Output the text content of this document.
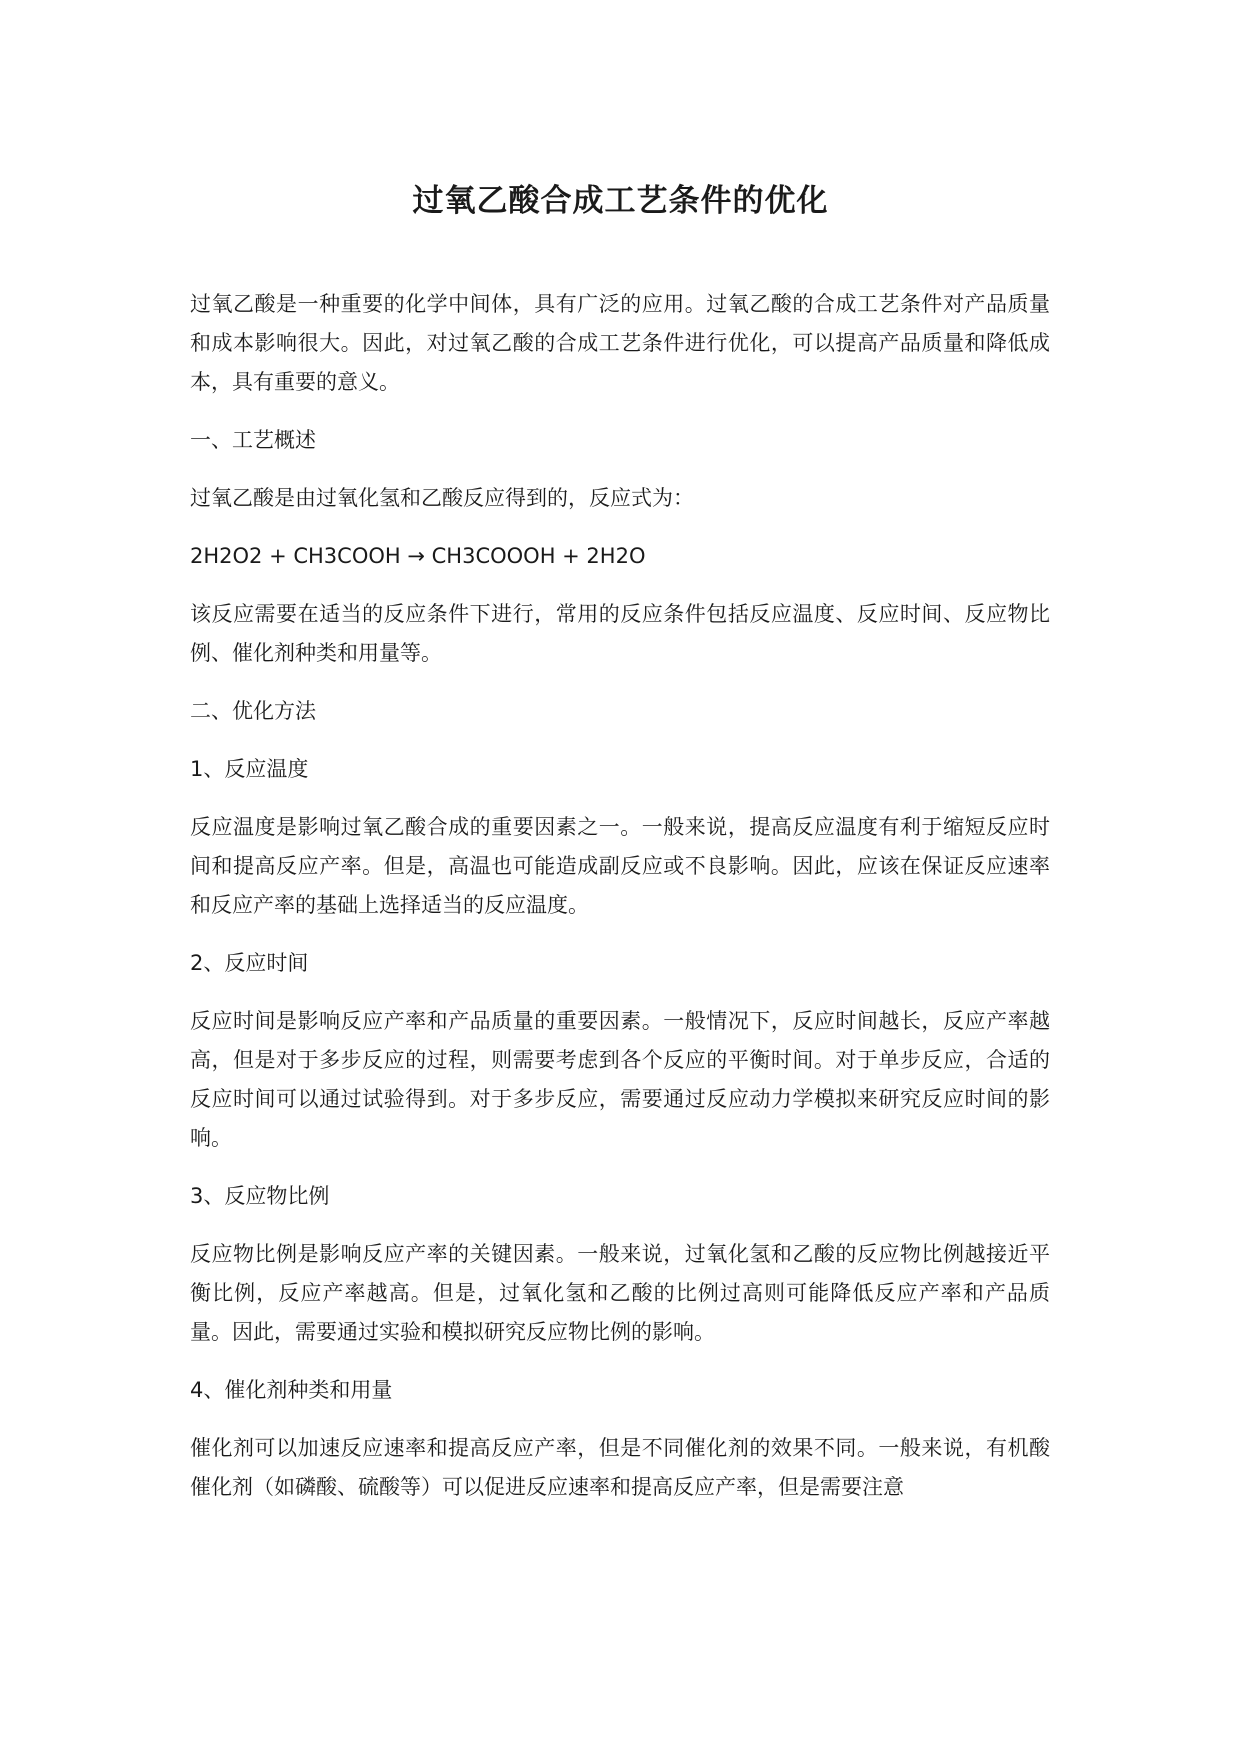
过氧乙酸合成工艺条件的优化

过氧乙酸是一种重要的化学中间体，具有广泛的应用。过氧乙酸的合成工艺条件对产品质量和成本影响很大。因此，对过氧乙酸的合成工艺条件进行优化，可以提高产品质量和降低成本，具有重要的意义。

一、工艺概述

过氧乙酸是由过氧化氢和乙酸反应得到的，反应式为：

2H2O2 + CH3COOH → CH3COOOH + 2H2O

该反应需要在适当的反应条件下进行，常用的反应条件包括反应温度、反应时间、反应物比例、催化剂种类和用量等。

二、优化方法

1、反应温度

反应温度是影响过氧乙酸合成的重要因素之一。一般来说，提高反应温度有利于缩短反应时间和提高反应产率。但是，高温也可能造成副反应或不良影响。因此，应该在保证反应速率和反应产率的基础上选择适当的反应温度。

2、反应时间

反应时间是影响反应产率和产品质量的重要因素。一般情况下，反应时间越长，反应产率越高，但是对于多步反应的过程，则需要考虑到各个反应的平衡时间。对于单步反应，合适的反应时间可以通过试验得到。对于多步反应，需要通过反应动力学模拟来研究反应时间的影响。

3、反应物比例

反应物比例是影响反应产率的关键因素。一般来说，过氧化氢和乙酸的反应物比例越接近平衡比例，反应产率越高。但是，过氧化氢和乙酸的比例过高则可能降低反应产率和产品质量。因此，需要通过实验和模拟研究反应物比例的影响。

4、催化剂种类和用量

催化剂可以加速反应速率和提高反应产率，但是不同催化剂的效果不同。一般来说，有机酸催化剂（如磷酸、硫酸等）可以促进反应速率和提高反应产率，但是需要注意
